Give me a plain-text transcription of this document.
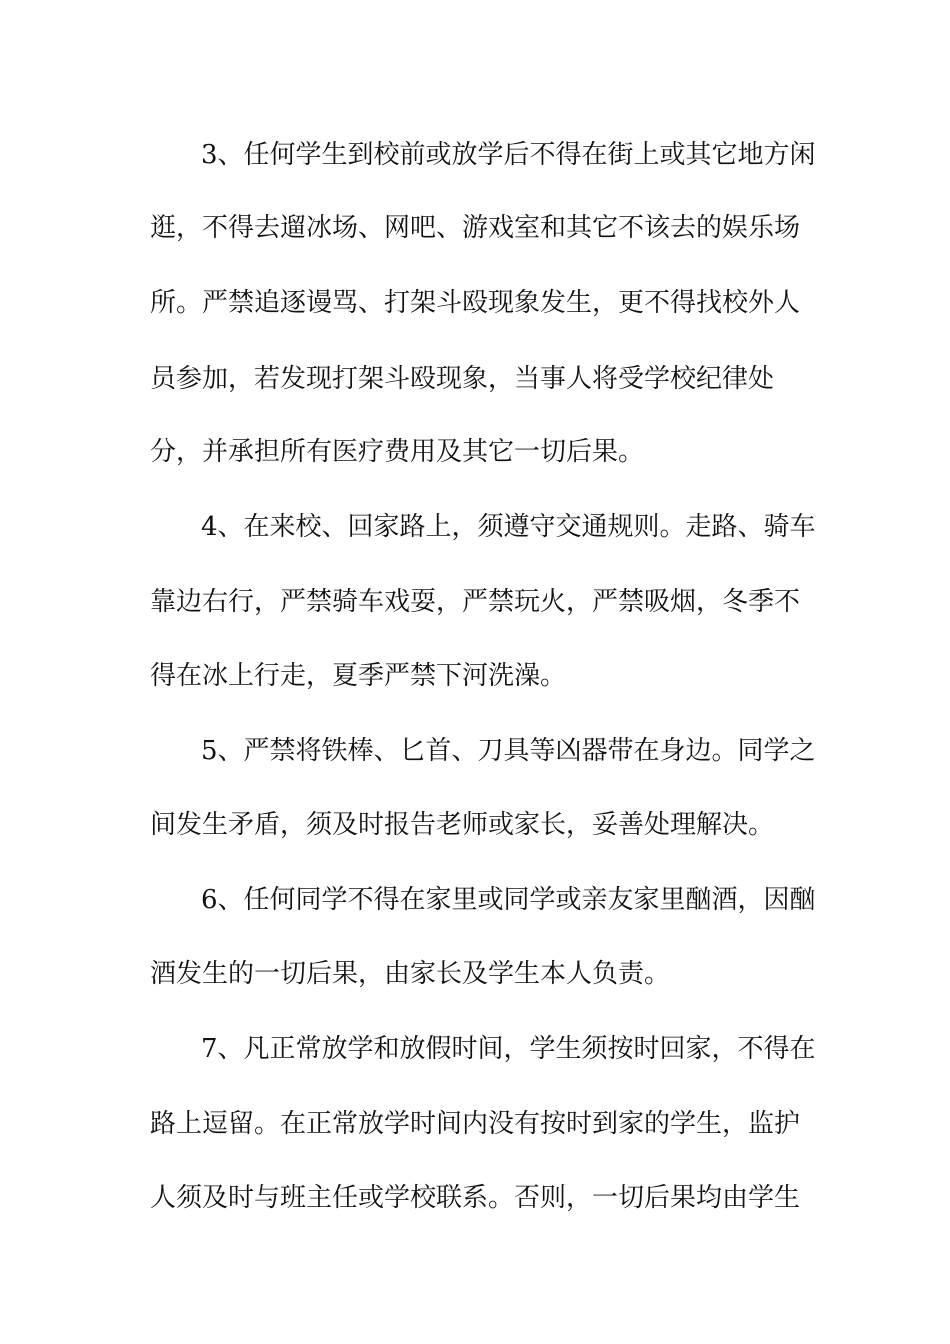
3、任何学生到校前或放学后不得在街上或其它地方闲
逛，不得去遛冰场、网吧、游戏室和其它不该去的娱乐场
所。严禁追逐谩骂、打架斗殴现象发生，更不得找校外人
员参加，若发现打架斗殴现象，当事人将受学校纪律处
分，并承担所有医疗费用及其它一切后果。
4、在来校、回家路上，须遵守交通规则。走路、骑车
靠边右行，严禁骑车戏耍，严禁玩火，严禁吸烟，冬季不
得在冰上行走，夏季严禁下河洗澡。
5、严禁将铁棒、匕首、刀具等凶器带在身边。同学之
间发生矛盾，须及时报告老师或家长，妥善处理解决。
6、任何同学不得在家里或同学或亲友家里酗酒，因酗
酒发生的一切后果，由家长及学生本人负责。
7、凡正常放学和放假时间，学生须按时回家，不得在
路上逗留。在正常放学时间内没有按时到家的学生，监护
人须及时与班主任或学校联系。否则，一切后果均由学生
